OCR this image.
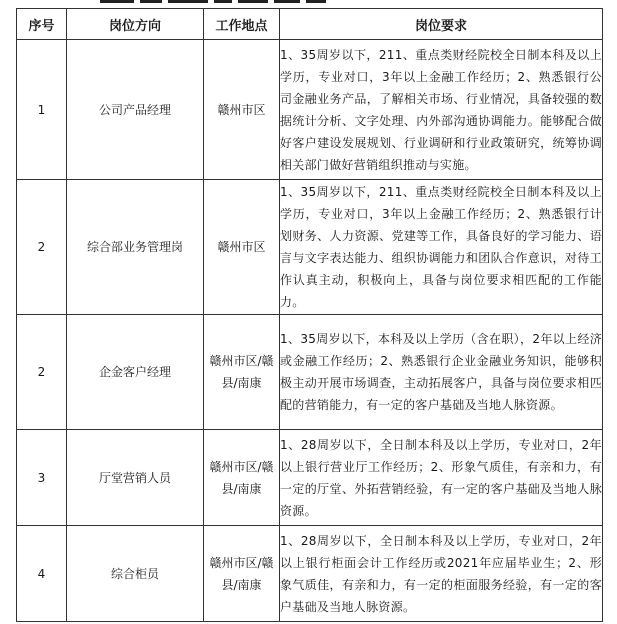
序号	岗位方向	工作地点	岗位要求
1	公司产品经理	赣州市区	1、35周岁以下，211、重点类财经院校全日制本科及以上学历，专业对口，3年以上金融工作经历；2、熟悉银行公司金融业务产品，了解相关市场、行业情况，具备较强的数据统计分析、文字处理、内外部沟通协调能力。能够配合做好客户建设发展规划、行业调研和行业政策研究，统筹协调相关部门做好营销组织推动与实施。
2	综合部业务管理岗	赣州市区	1、35周岁以下，211、重点类财经院校全日制本科及以上学历，专业对口，3年以上金融工作经历；2、熟悉银行计划财务、人力资源、党建等工作，具备良好的学习能力、语言与文字表达能力、组织协调能力和团队合作意识，对待工作认真主动，积极向上，具备与岗位要求相匹配的工作能力。
2	企金客户经理	赣州市区/赣县/南康	1、35周岁以下，本科及以上学历（含在职），2年以上经济或金融工作经历；2、熟悉银行企业金融业务知识，能够积极主动开展市场调查，主动拓展客户，具备与岗位要求相匹配的营销能力，有一定的客户基础及当地人脉资源。
3	厅堂营销人员	赣州市区/赣县/南康	1、28周岁以下，全日制本科及以上学历，专业对口，2年以上银行营业厅工作经历；2、形象气质佳，有亲和力，有一定的厅堂、外拓营销经验，有一定的客户基础及当地人脉资源。
4	综合柜员	赣州市区/赣县/南康	1、28周岁以下，全日制本科及以上学历，专业对口，2年以上银行柜面会计工作经历或2021年应届毕业生；2、形象气质佳，有亲和力，有一定的柜面服务经验，有一定的客户基础及当地人脉资源。
